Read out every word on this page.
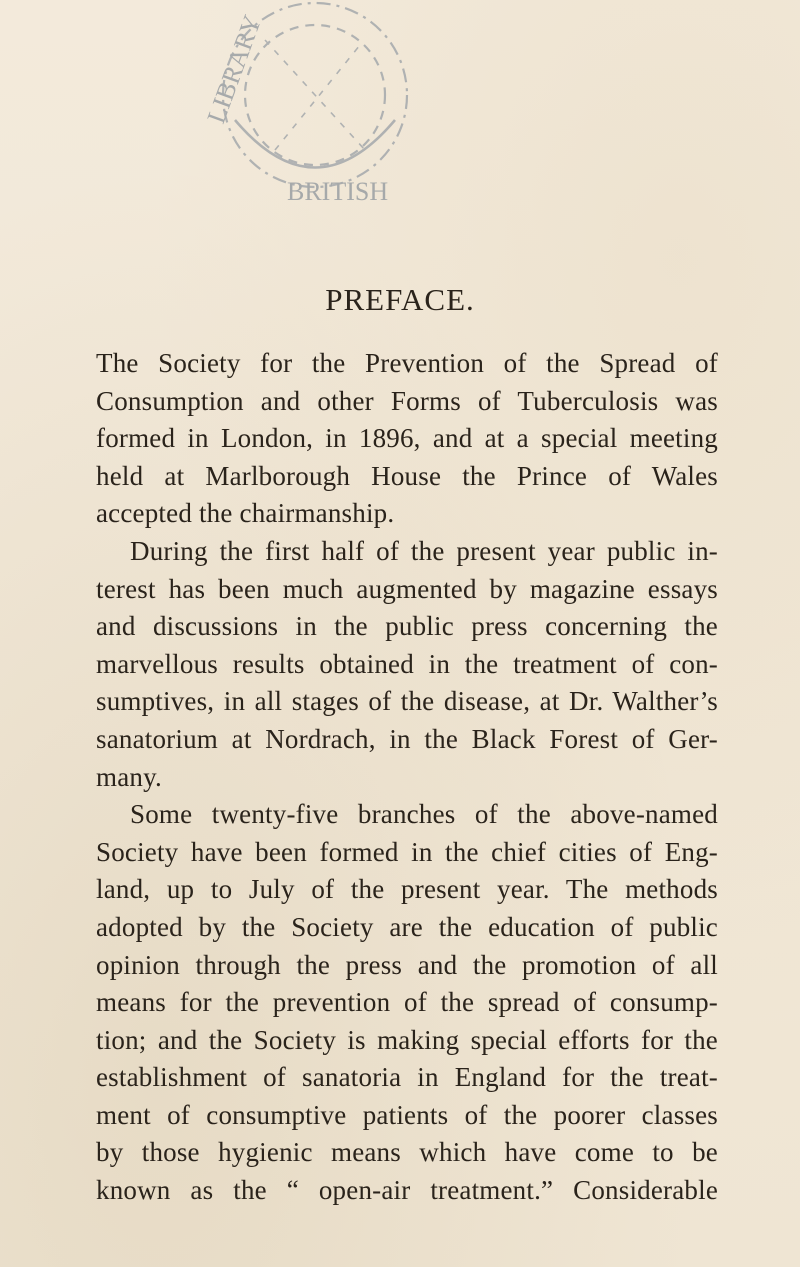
LIBRARY
BRITISH
PREFACE.
The Society for the Prevention of the Spread of
Consumption and other Forms of Tuberculosis was
formed in London, in 1896, and at a special meeting
held at Marlborough House the Prince of Wales
accepted the chairmanship.
During the first half of the present year public in-
terest has been much augmented by magazine essays
and discussions in the public press concerning the
marvellous results obtained in the treatment of con-
sumptives, in all stages of the disease, at Dr. Walther’s
sanatorium at Nordrach, in the Black Forest of Ger-
many.
Some twenty-five branches of the above-named
Society have been formed in the chief cities of Eng-
land, up to July of the present year. The methods
adopted by the Society are the education of public
opinion through the press and the promotion of all
means for the prevention of the spread of consump-
tion; and the Society is making special efforts for the
establishment of sanatoria in England for the treat-
ment of consumptive patients of the poorer classes
by those hygienic means which have come to be
known as the “ open-air treatment.” Considerable
